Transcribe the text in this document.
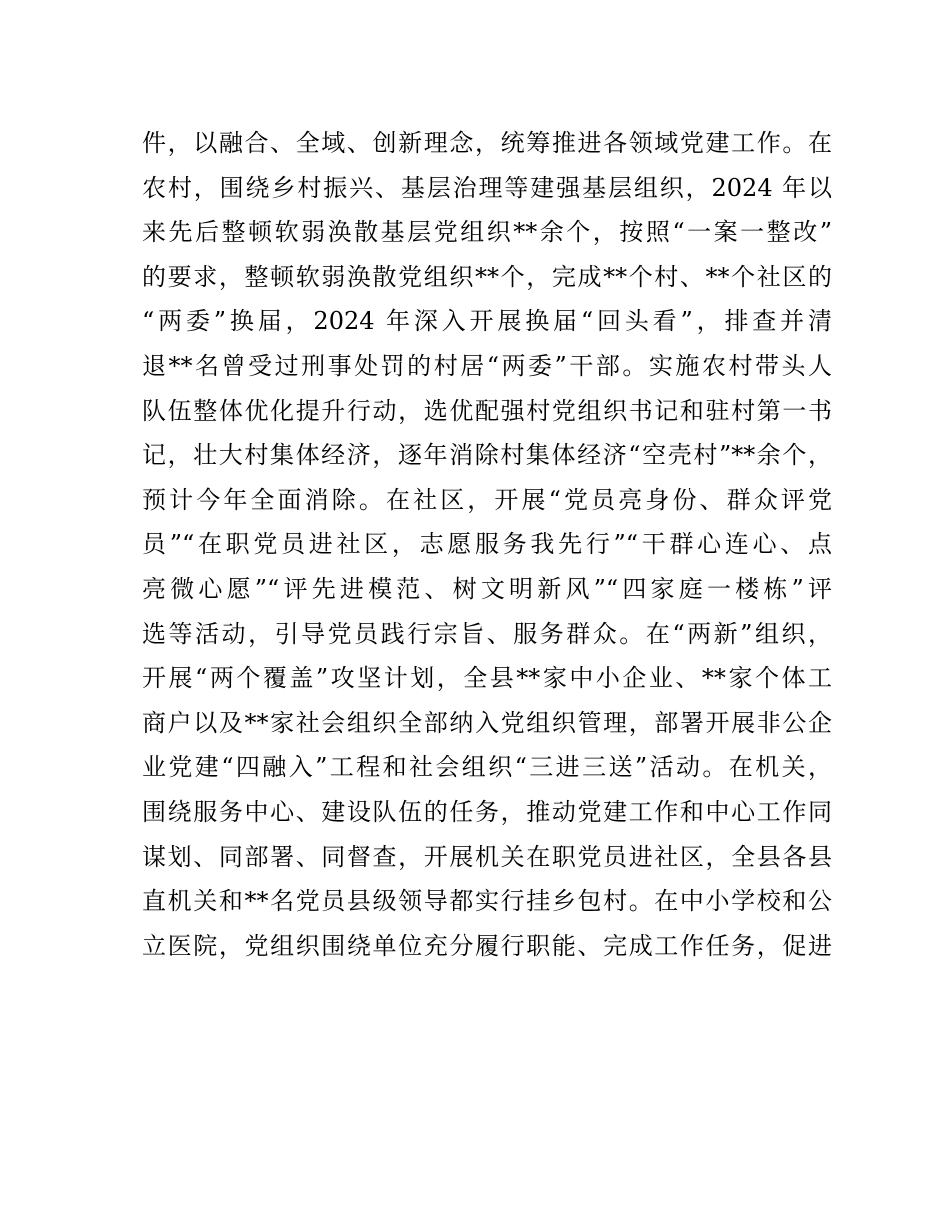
件，以融合、全域、创新理念，统筹推进各领域党建工作。在
农村，围绕乡村振兴、基层治理等建强基层组织，2024 年以
来先后整顿软弱涣散基层党组织**余个，按照“一案一整改”
的要求，整顿软弱涣散党组织**个，完成**个村、**个社区的
“两委”换届，2024 年深入开展换届“回头看”，排查并清
退**名曾受过刑事处罚的村居“两委”干部。实施农村带头人
队伍整体优化提升行动，选优配强村党组织书记和驻村第一书
记，壮大村集体经济，逐年消除村集体经济“空壳村”**余个，
预计今年全面消除。在社区，开展“党员亮身份、群众评党
员”“在职党员进社区，志愿服务我先行”“干群心连心、点
亮微心愿”“评先进模范、树文明新风”“四家庭一楼栋”评
选等活动，引导党员践行宗旨、服务群众。在“两新”组织，
开展“两个覆盖”攻坚计划，全县**家中小企业、**家个体工
商户以及**家社会组织全部纳入党组织管理，部署开展非公企
业党建“四融入”工程和社会组织“三进三送”活动。在机关，
围绕服务中心、建设队伍的任务，推动党建工作和中心工作同
谋划、同部署、同督查，开展机关在职党员进社区，全县各县
直机关和**名党员县级领导都实行挂乡包村。在中小学校和公
立医院，党组织围绕单位充分履行职能、完成工作任务，促进
